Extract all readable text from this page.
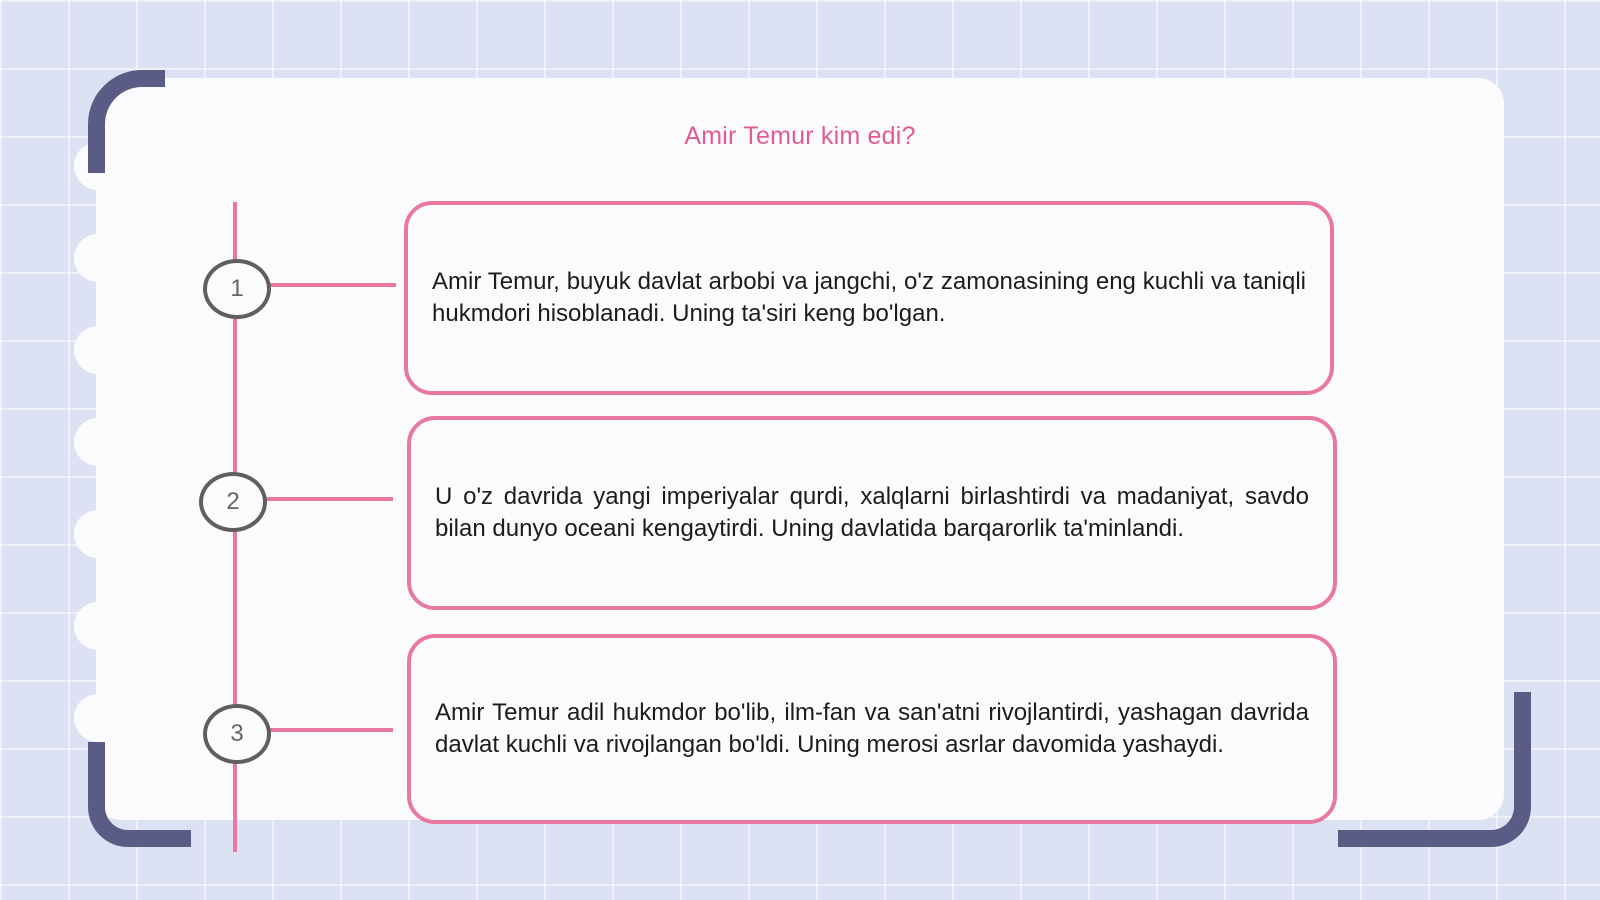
Amir Temur kim edi?
1	Amir Temur, buyuk davlat arbobi va jangchi, o'z zamonasining eng kuchli va taniqli hukmdori hisoblanadi. Uning ta'siri keng bo'lgan.
2	U o'z davrida yangi imperiyalar qurdi, xalqlarni birlashtirdi va madaniyat, savdo bilan dunyo oceani kengaytirdi. Uning davlatida barqarorlik ta'minlandi.
3
Amir Temur adil hukmdor bo'lib, ilm-fan va san'atni rivojlantirdi, yashagan davrida davlat kuchli va rivojlangan bo'ldi. Uning merosi asrlar davomida yashaydi.
